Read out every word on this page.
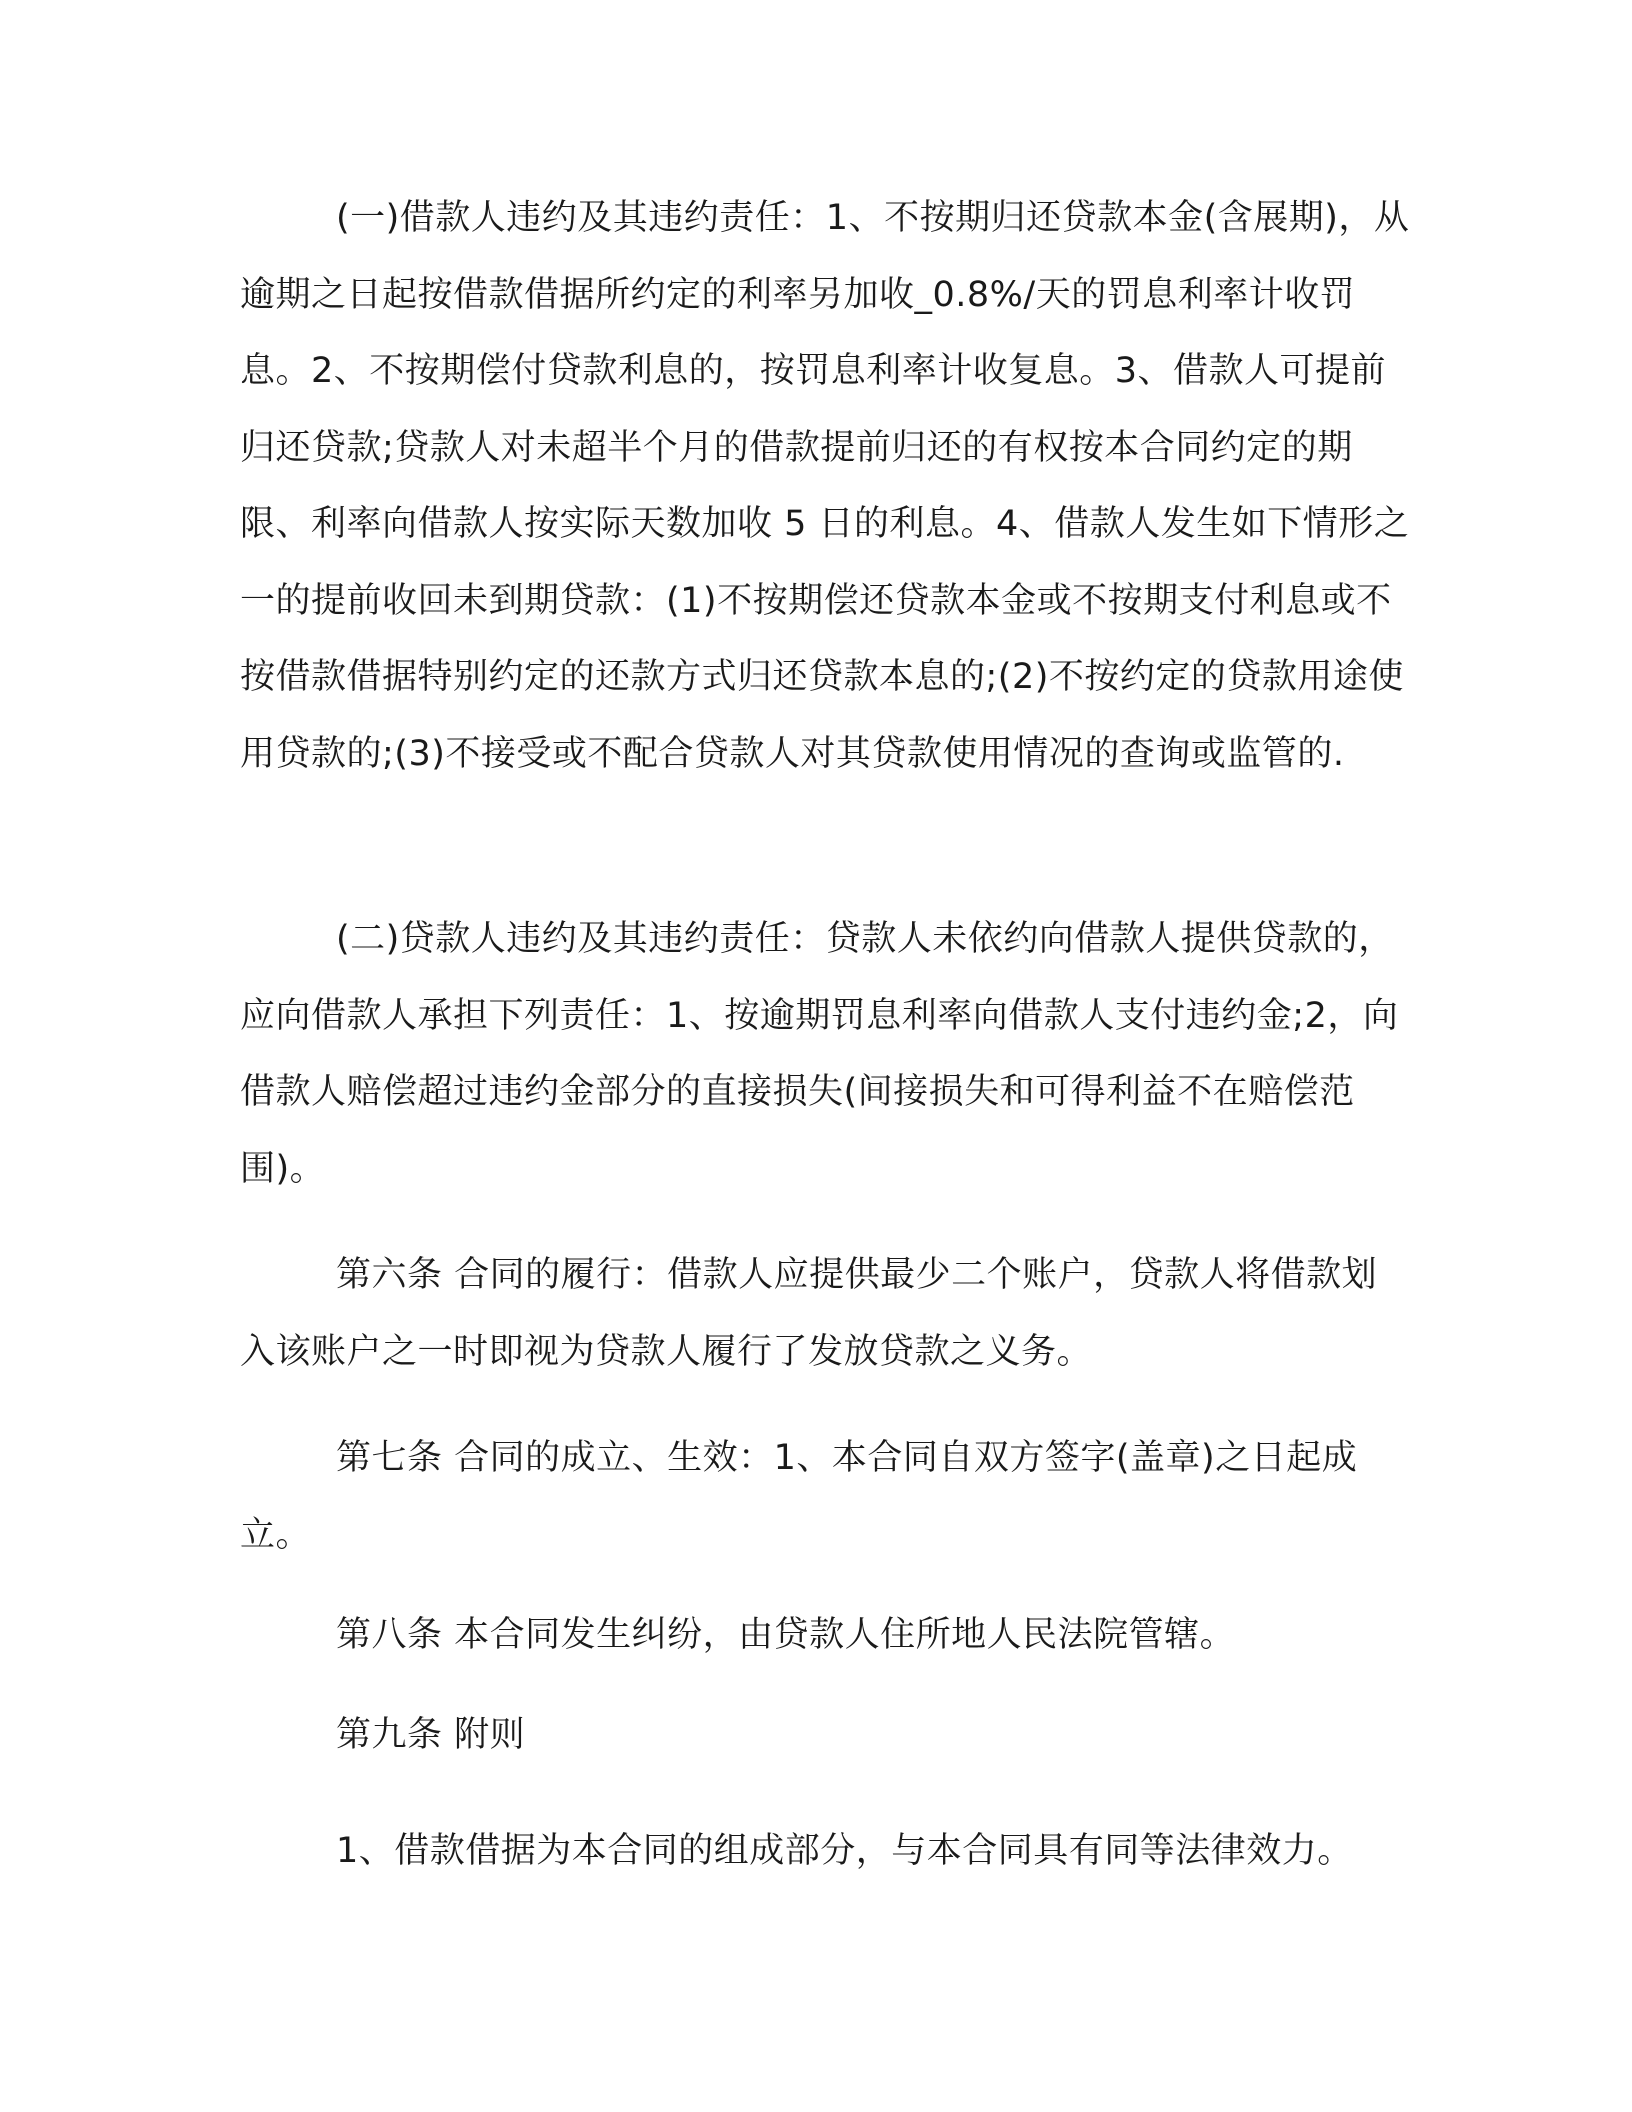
(一)借款人违约及其违约责任：1、不按期归还贷款本金(含展期)，从逾期之日起按借款借据所约定的利率另加收_0.8%/天的罚息利率计收罚息。2、不按期偿付贷款利息的，按罚息利率计收复息。3、借款人可提前归还贷款;贷款人对未超半个月的借款提前归还的有权按本合同约定的期限、利率向借款人按实际天数加收 5 日的利息。4、借款人发生如下情形之一的提前收回未到期贷款：(1)不按期偿还贷款本金或不按期支付利息或不按借款借据特别约定的还款方式归还贷款本息的;(2)不按约定的贷款用途使用贷款的;(3)不接受或不配合贷款人对其贷款使用情况的查询或监管的.

(二)贷款人违约及其违约责任：贷款人未依约向借款人提供贷款的，应向借款人承担下列责任：1、按逾期罚息利率向借款人支付违约金;2，向借款人赔偿超过违约金部分的直接损失(间接损失和可得利益不在赔偿范围)。

第六条 合同的履行：借款人应提供最少二个账户，贷款人将借款划入该账户之一时即视为贷款人履行了发放贷款之义务。

第七条 合同的成立、生效：1、本合同自双方签字(盖章)之日起成立。

第八条 本合同发生纠纷，由贷款人住所地人民法院管辖。

第九条 附则

1、借款借据为本合同的组成部分，与本合同具有同等法律效力。
